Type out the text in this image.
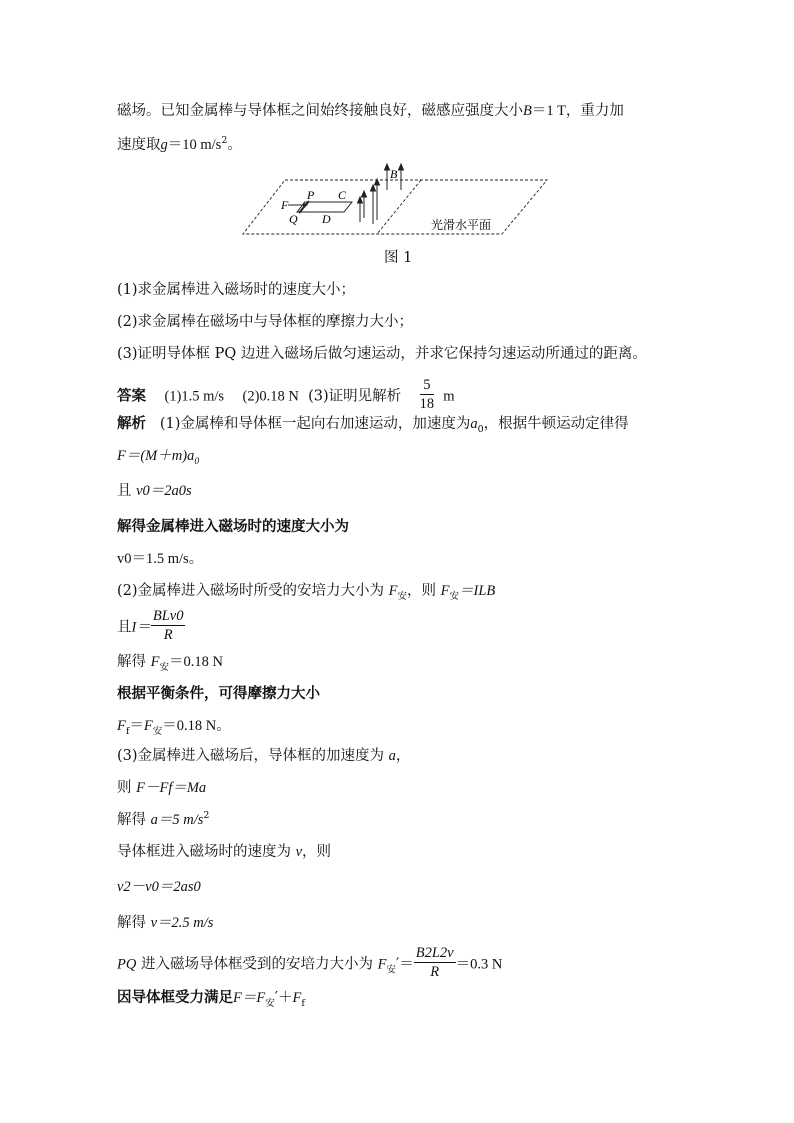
磁场。已知金属棒与导体框之间始终接触良好，磁感应强度大小B＝1 T，重力加
速度取g＝10 $m/s^2$。
F
P C
Q D
B
光滑水平面
图 1
(1)求金属棒进入磁场时的速度大小；
(2)求金属棒在磁场中与导体框的摩擦力大小；
(3)证明导体框 PQ 边进入磁场后做匀速运动，并求它保持匀速运动所通过的距离。
答案 (1)1.5 m/s (2)0.18 N (3)证明见解析 $\frac{5}{18}$ m
解析 (1)金属棒和导体框一起向右加速运动，加速度为$a_0$，根据牛顿运动定律得
$F=(M+m)a_0$
且 v0＝2a0s
解得金属棒进入磁场时的速度大小为
v0＝1.5 m/s。
(2)金属棒进入磁场时所受的安培力大小为 $F_安$，则 $F_安=ILB$
且$I= \frac{\text{BLv0}}{R}$
解得 $F_安=0.18$ N
根据平衡条件，可得摩擦力大小
$F_f=F_安=0.18$ N。
(3)金属棒进入磁场后，导体框的加速度为 a，
则 F－Ff＝Ma
解得 a＝5 $m/s^2$
导体框进入磁场时的速度为 v，则
v2－v0＝2as0
解得 v＝2.5 m/s
PQ 进入磁场导体框受到的安培力大小为 $F_安'= \frac{B2L2v}{R} =0.3$ N
因导体框受力满足$F=F_安'+F_f$
